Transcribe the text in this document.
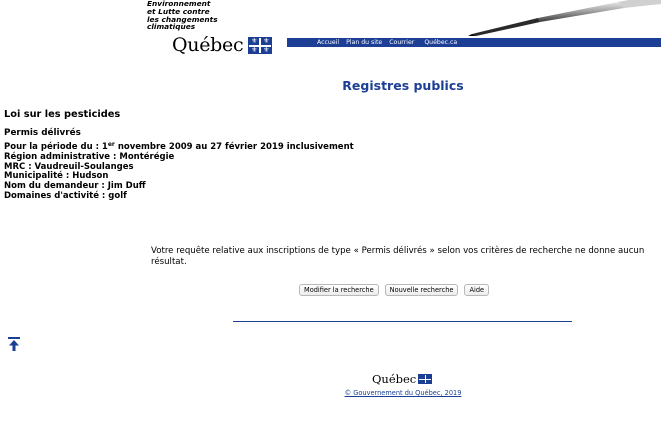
Environnement
et Lutte contre
les changements
climatiques
Québec ⚜ ⚜
⚜ ⚜
Accueil Plan du site Courrier Québec.ca
Registres publics
Loi sur les pesticides
Permis délivrés
Pour la période du : 1er novembre 2009 au 27 février 2019 inclusivement
Région administrative : Montérégie
MRC : Vaudreuil-Soulanges
Municipalité : Hudson
Nom du demandeur : Jim Duff
Domaines d'activité : golf
Votre requête relative aux inscriptions de type « Permis délivrés » selon vos critères de recherche ne donne aucun résultat.
Modifier la recherche	Nouvelle recherche	Aide
Québec
© Gouvernement du Québec, 2019
